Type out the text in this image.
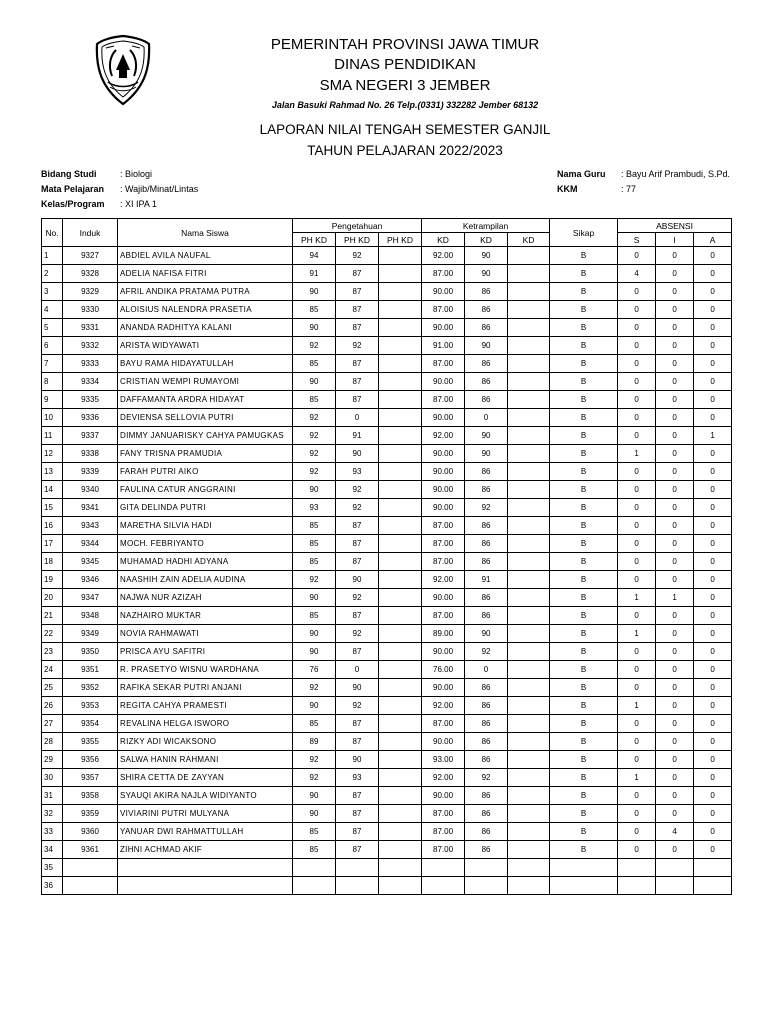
PEMERINTAH PROVINSI JAWA TIMUR
DINAS PENDIDIKAN
SMA NEGERI 3 JEMBER
Jalan Basuki Rahmad No. 26 Telp.(0331) 332282 Jember 68132
LAPORAN NILAI TENGAH SEMESTER GANJIL
TAHUN PELAJARAN 2022/2023
Bidang Studi	: Biologi
Mata Pelajaran : Wajib/Minat/Lintas
Kelas/Program : XI IPA 1
Nama Guru : Bayu Arif Prambudi, S.Pd.
KKM	: 77
No.	Induk	Nama Siswa	Pengetahuan			Ketrampilan			Sikap	ABSENSI		
			PH KD	PH KD	PH KD	KD	KD	KD		S	I	A
1	9327	ABDIEL AVILA NAUFAL	94	92		92.00	90		B	0	0	0
2	9328	ADELIA NAFISA FITRI	91	87		87.00	90		B	4	0	0
3	9329	AFRIL ANDIKA PRATAMA PUTRA	90	87		90.00	86		B	0	0	0
4	9330	ALOISIUS NALENDRA PRASETIA	85	87		87.00	86		B	0	0	0
5	9331	ANANDA RADHITYA KALANI	90	87		90.00	86		B	0	0	0
6	9332	ARISTA WIDYAWATI	92	92		91.00	90		B	0	0	0
7	9333	BAYU RAMA HIDAYATULLAH	85	87		87.00	86		B	0	0	0
8	9334	CRISTIAN WEMPI RUMAYOMI	90	87		90.00	86		B	0	0	0
9	9335	DAFFAMANTA ARDRA HIDAYAT	85	87		87.00	86		B	0	0	0
10	9336	DEVIENSA SELLOVIA PUTRI	92	0		90.00	0		B	0	0	0
11	9337	DIMMY JANUARISKY CAHYA PAMUGKAS	92	91		92.00	90		B	0	0	1
12	9338	FANY TRISNA PRAMUDIA	92	90		90.00	90		B	1	0	0
13	9339	FARAH PUTRI AIKO	92	93		90.00	86		B	0	0	0
14	9340	FAULINA CATUR ANGGRAINI	90	92		90.00	86		B	0	0	0
15	9341	GITA DELINDA PUTRI	93	92		90.00	92		B	0	0	0
16	9343	MARETHA SILVIA HADI	85	87		87.00	86		B	0	0	0
17	9344	MOCH. FEBRIYANTO	85	87		87.00	86		B	0	0	0
18	9345	MUHAMAD HADHI ADYANA	85	87		87.00	86		B	0	0	0
19	9346	NAASHIH ZAIN ADELIA AUDINA	92	90		92.00	91		B	0	0	0
20	9347	NAJWA NUR AZIZAH	90	92		90.00	86		B	1	1	0
21	9348	NAZHAIRO MUKTAR	85	87		87.00	86		B	0	0	0
22	9349	NOVIA RAHMAWATI	90	92		89.00	90		B	1	0	0
23	9350	PRISCA AYU SAFITRI	90	87		90.00	92		B	0	0	0
24	9351	R. PRASETYO WISNU WARDHANA	76	0		76.00	0		B	0	0	0
25	9352	RAFIKA SEKAR PUTRI ANJANI	92	90		90.00	86		B	0	0	0
26	9353	REGITA CAHYA PRAMESTI	90	92		92.00	86		B	1	0	0
27	9354	REVALINA HELGA ISWORO	85	87		87.00	86		B	0	0	0
28	9355	RIZKY ADI WICAKSONO	89	87		90.00	86		B	0	0	0
29	9356	SALWA HANIN RAHMANI	92	90		93.00	86		B	0	0	0
30	9357	SHIRA CETTA DE ZAYYAN	92	93		92.00	92		B	1	0	0
31	9358	SYAUQI AKIRA NAJLA WIDIYANTO	90	87		90.00	86		B	0	0	0
32	9359	VIVIARINI PUTRI MULYANA	90	87		87.00	86		B	0	0	0
33	9360	YANUAR DWI RAHMATTULLAH	85	87		87.00	86		B	0	4	0
34	9361	ZIHNI ACHMAD AKIF	85	87		87.00	86		B	0	0	0
35												
36												
